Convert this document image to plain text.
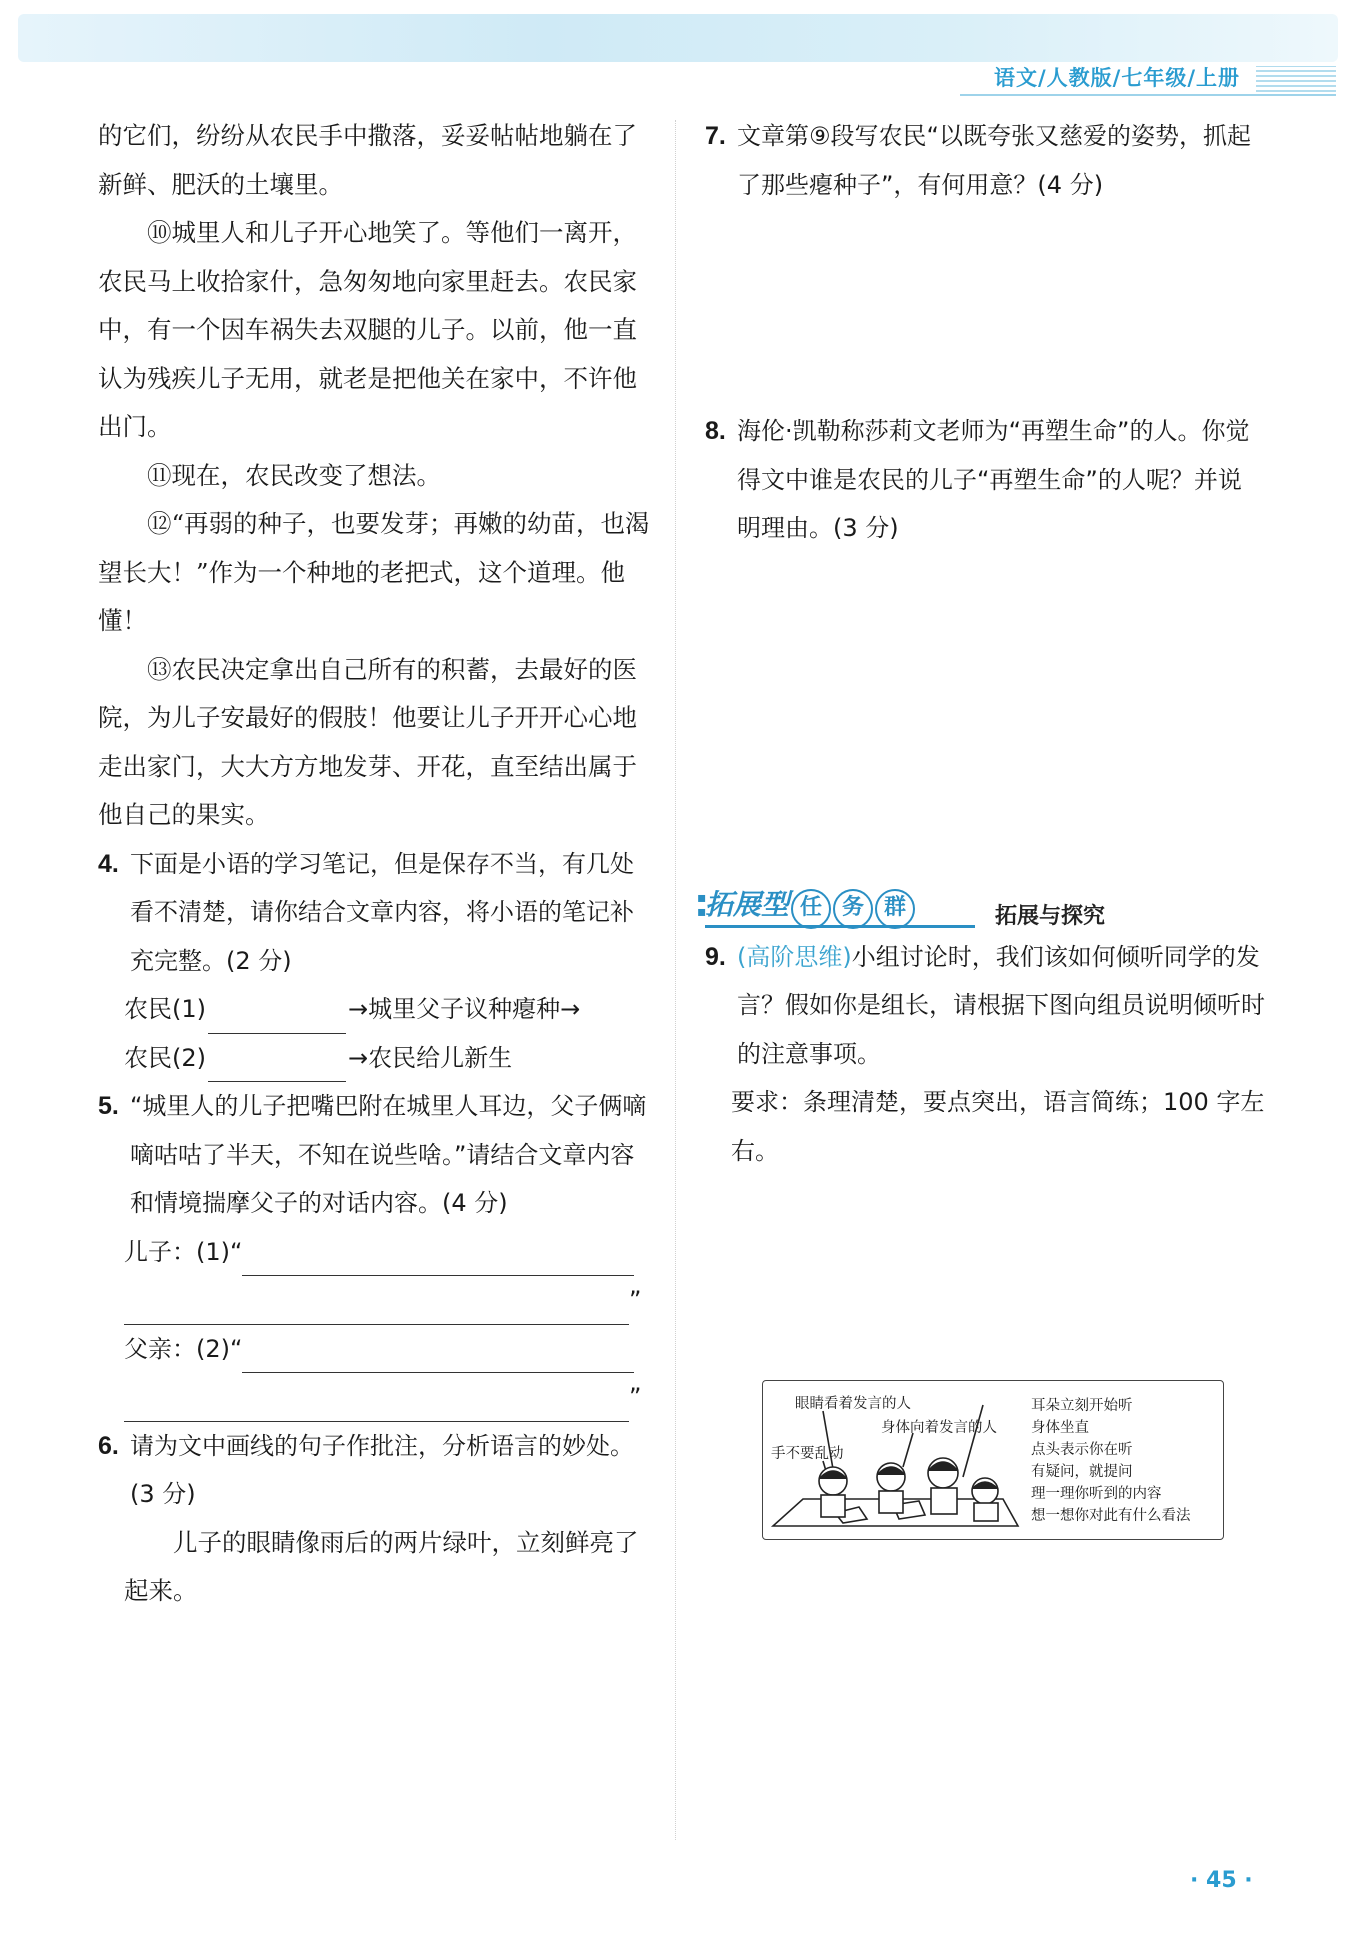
语文/人教版/七年级/上册

的它们，纷纷从农民手中撒落，妥妥帖帖地躺在了新鲜、肥沃的土壤里。

⑩城里人和儿子开心地笑了。等他们一离开，农民马上收拾家什，急匆匆地向家里赶去。农民家中，有一个因车祸失去双腿的儿子。以前，他一直认为残疾儿子无用，就老是把他关在家中，不许他出门。

⑪现在，农民改变了想法。

⑫“再弱的种子，也要发芽；再嫩的幼苗，也渴望长大！”作为一个种地的老把式，这个道理。他懂！

⑬农民决定拿出自己所有的积蓄，去最好的医院，为儿子安最好的假肢！他要让儿子开开心心地走出家门，大大方方地发芽、开花，直至结出属于他自己的果实。

4. 下面是小语的学习笔记，但是保存不当，有几处看不清楚，请你结合文章内容，将小语的笔记补充完整。(2 分)

农民(1)	→城里父子议种瘪种→
农民(2)	→农民给儿新生
5. “城里人的儿子把嘴巴附在城里人耳边，父子俩嘀嘀咕咕了半天，不知在说些啥。”请结合文章内容和情境揣摩父子的对话内容。(4 分)

儿子：(1)“
”
父亲：(2)“
”
6. 请为文中画线的句子作批注，分析语言的妙处。(3 分)

儿子的眼睛像雨后的两片绿叶，立刻鲜亮了起来。

7. 文章第⑨段写农民“以既夸张又慈爱的姿势，抓起了那些瘪种子”，有何用意？(4 分)

8. 海伦·凯勒称莎莉文老师为“再塑生命”的人。你觉得文中谁是农民的儿子“再塑生命”的人呢？并说明理由。(3 分)

▪
▪
拓展型 任 务 群	拓展与探究
9. (高阶思维)小组讨论时，我们该如何倾听同学的发言？假如你是组长，请根据下图向组员说明倾听时的注意事项。

要求：条理清楚，要点突出，语言简练；100 字左右。

眼睛看着发言的人
身体向着发言的人
手不要乱动
耳朵立刻开始听
身体坐直
点头表示你在听
有疑问，就提问
理一理你听到的内容
想一想你对此有什么看法
· 45 ·
